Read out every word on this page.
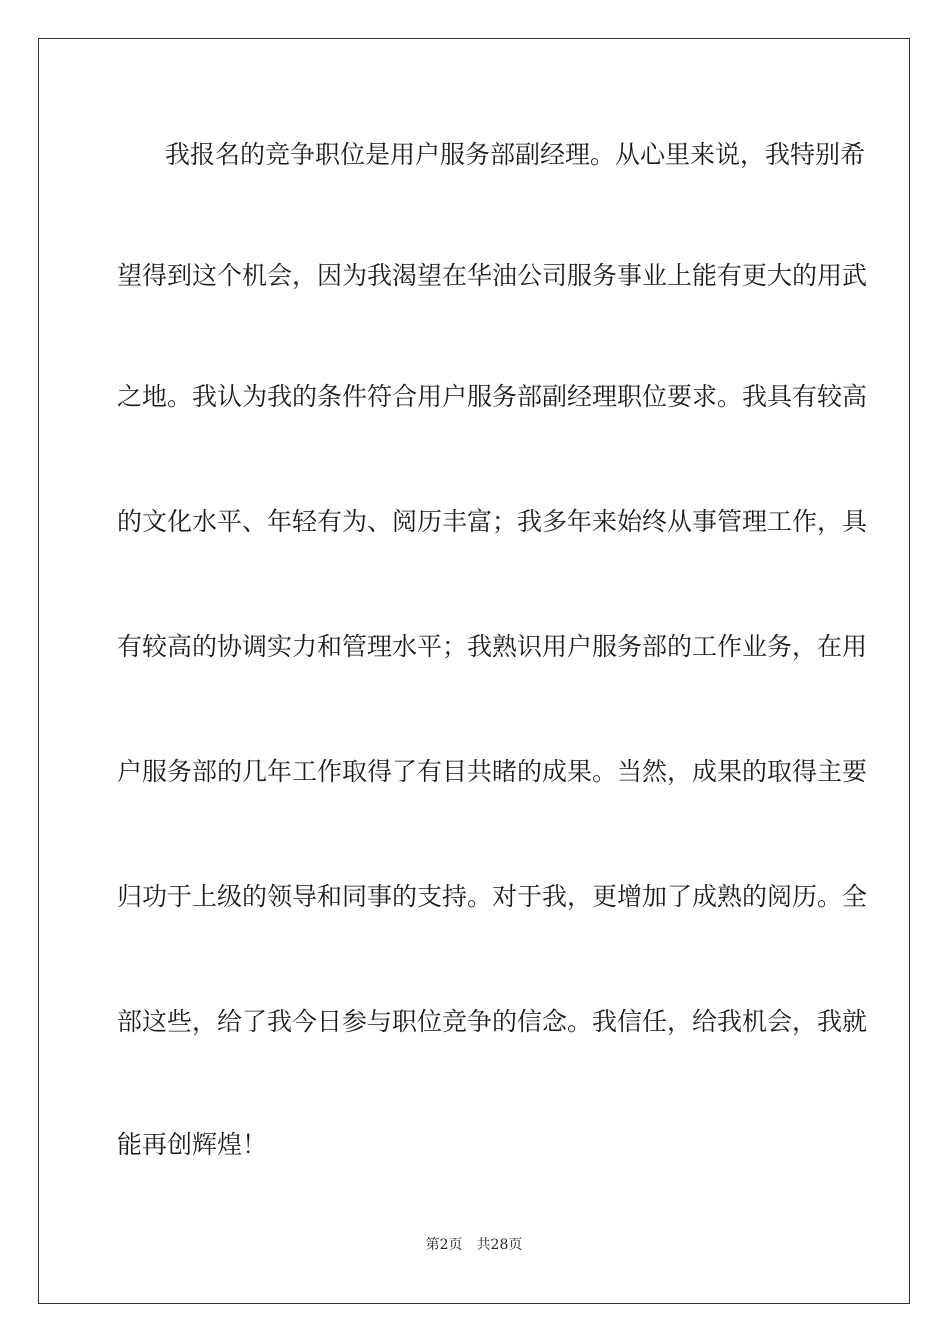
我报名的竞争职位是用户服务部副经理。从心里来说，我特别希
望得到这个机会，因为我渴望在华油公司服务事业上能有更大的用武
之地。我认为我的条件符合用户服务部副经理职位要求。我具有较高
的文化水平、年轻有为、阅历丰富；我多年来始终从事管理工作，具
有较高的协调实力和管理水平；我熟识用户服务部的工作业务，在用
户服务部的几年工作取得了有目共睹的成果。当然，成果的取得主要
归功于上级的领导和同事的支持。对于我，更增加了成熟的阅历。全
部这些，给了我今日参与职位竞争的信念。我信任，给我机会，我就
能再创辉煌！
第2页 共28页
